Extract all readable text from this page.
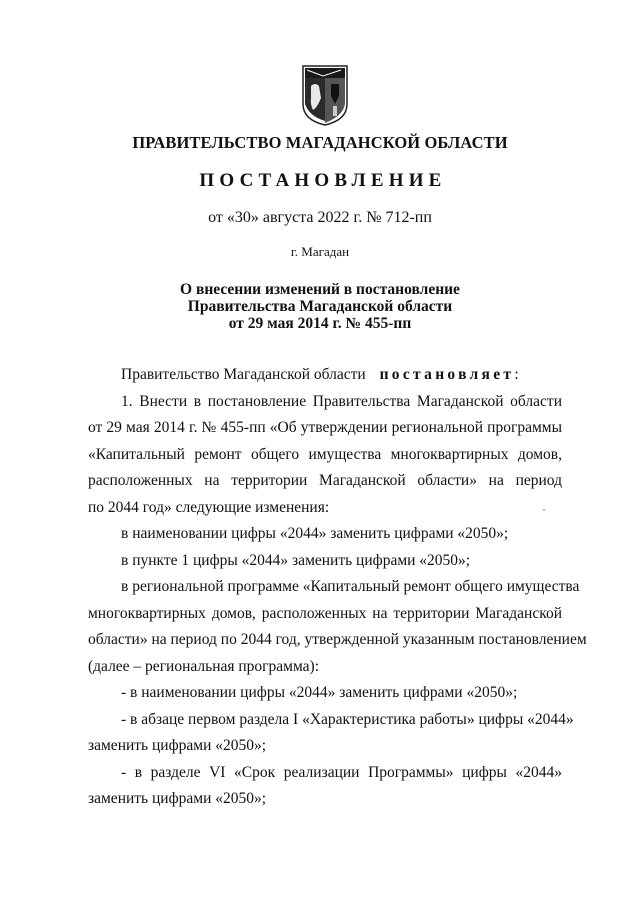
ПРАВИТЕЛЬСТВО МАГАДАНСКОЙ ОБЛАСТИ
ПОСТАНОВЛЕНИЕ
от «30» августа 2022 г. № 712-пп
г. Магадан
О внесении изменений в постановление
Правительства Магаданской области
от 29 мая 2014 г. № 455-пп
Правительство Магаданской области постановляет:
1. Внести в постановление Правительства Магаданской области
от 29 мая 2014 г. № 455-пп «Об утверждении региональной программы
«Капитальный ремонт общего имущества многоквартирных домов,
расположенных на территории Магаданской области» на период
по 2044 год» следующие изменения:
в наименовании цифры «2044» заменить цифрами «2050»;
в пункте 1 цифры «2044» заменить цифрами «2050»;
в региональной программе «Капитальный ремонт общего имущества
многоквартирных домов, расположенных на территории Магаданской
области» на период по 2044 год, утвержденной указанным постановлением
(далее – региональная программа):
- в наименовании цифры «2044» заменить цифрами «2050»;
- в абзаце первом раздела I «Характеристика работы» цифры «2044»
заменить цифрами «2050»;
- в разделе VI «Срок реализации Программы» цифры «2044»
заменить цифрами «2050»;
